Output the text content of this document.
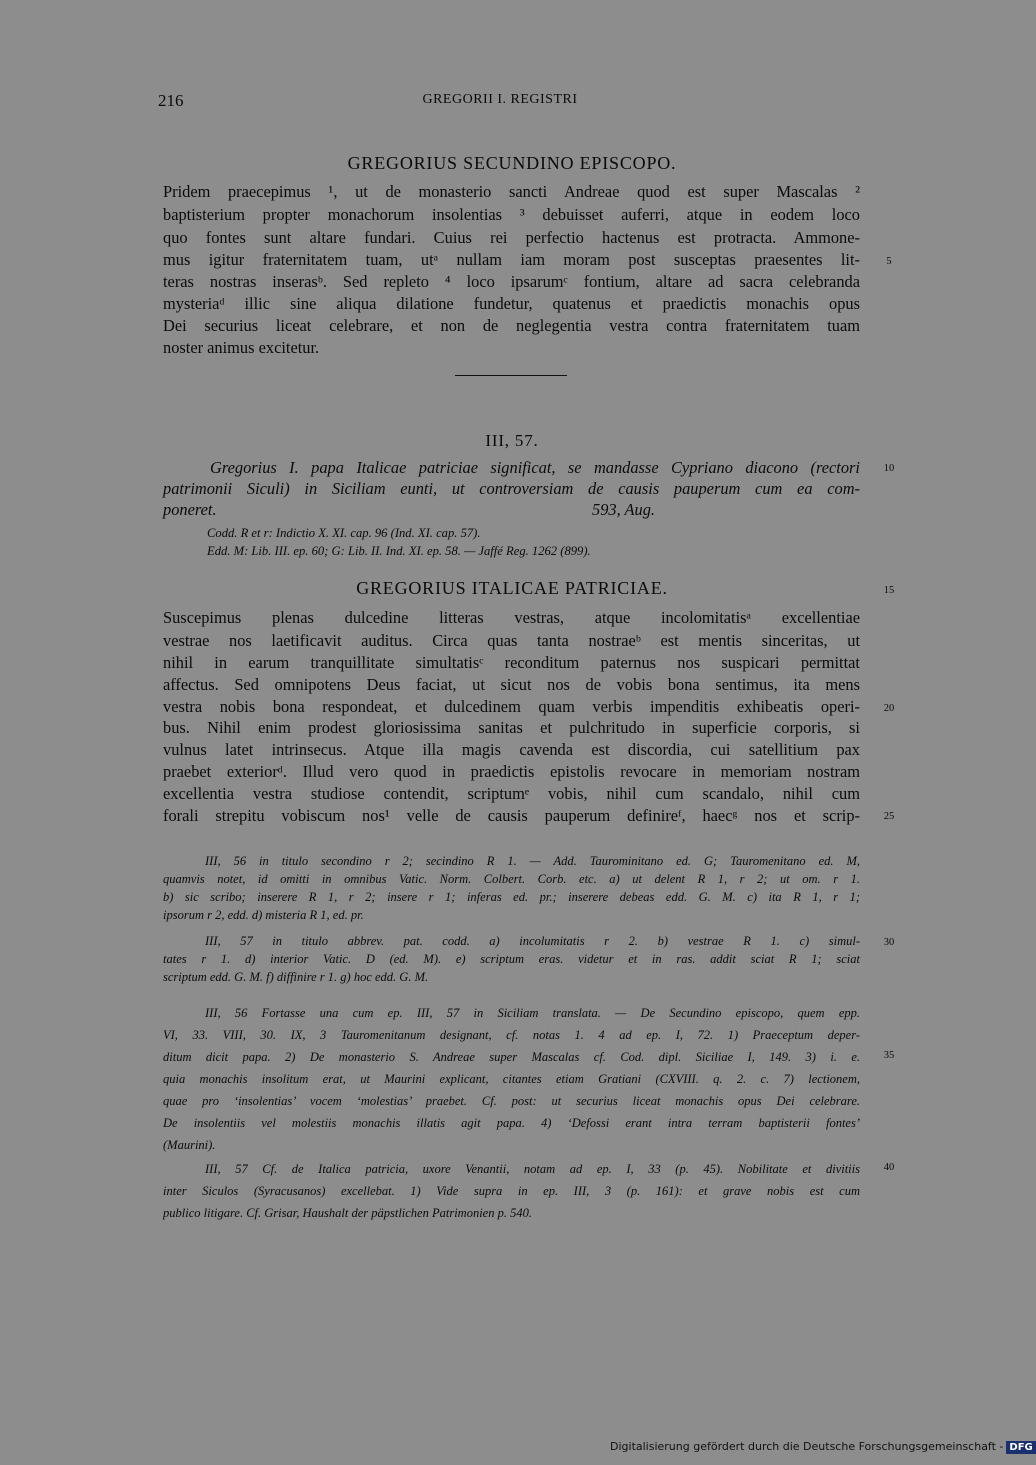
216	GREGORII I. REGISTRI
GREGORIUS SECUNDINO EPISCOPO.
Pridem praecepimus ¹, ut de monasterio sancti Andreae quod est super Mascalas ²
baptisterium propter monachorum insolentias ³ debuisset auferri, atque in eodem loco
quo fontes sunt altare fundari. Cuius rei perfectio hactenus est protracta. Ammone-
mus igitur fraternitatem tuam, utᵃ nullam iam moram post susceptas praesentes lit-
teras nostras inserasᵇ. Sed repleto ⁴ loco ipsarumᶜ fontium, altare ad sacra celebranda
mysteriaᵈ illic sine aliqua dilatione fundetur, quatenus et praedictis monachis opus
Dei securius liceat celebrare, et non de neglegentia vestra contra fraternitatem tuam
noster animus excitetur.
III, 57.
Gregorius I. papa Italicae patriciae significat, se mandasse Cypriano diacono (rectori
patrimonii Siculi) in Siciliam eunti, ut controversiam de causis pauperum cum ea com-
poneret.	593, Aug.
Codd. R et r: Indictio X. XI. cap. 96 (Ind. XI. cap. 57).
Edd. M: Lib. III. ep. 60; G: Lib. II. Ind. XI. ep. 58. — Jaffé Reg. 1262 (899).
GREGORIUS ITALICAE PATRICIAE.
Suscepimus plenas dulcedine litteras vestras, atque incolomitatisᵃ excellentiae
vestrae nos laetificavit auditus. Circa quas tanta nostraeᵇ est mentis sinceritas, ut
nihil in earum tranquillitate simultatisᶜ reconditum paternus nos suspicari permittat
affectus. Sed omnipotens Deus faciat, ut sicut nos de vobis bona sentimus, ita mens
vestra nobis bona respondeat, et dulcedinem quam verbis impenditis exhibeatis operi-
bus. Nihil enim prodest gloriosissima sanitas et pulchritudo in superficie corporis, si
vulnus latet intrinsecus. Atque illa magis cavenda est discordia, cui satellitium pax
praebet exteriorᵈ. Illud vero quod in praedictis epistolis revocare in memoriam nostram
excellentia vestra studiose contendit, scriptumᵉ vobis, nihil cum scandalo, nihil cum
forali strepitu vobiscum nos¹ velle de causis pauperum definireᶠ, haecᵍ nos et scrip-
5
10
15
20
25
30
35
40
III, 56 in titulo secondino r 2; secindino R 1. — Add. Taurominitano ed. G; Tauromenitano ed. M,
quamvis notet, id omitti in omnibus Vatic. Norm. Colbert. Corb. etc. a) ut delent R 1, r 2; ut om. r 1.
b) sic scribo; inserere R 1, r 2; insere r 1; inferas ed. pr.; inserere debeas edd. G. M. c) ita R 1, r 1;
ipsorum r 2, edd. d) misteria R 1, ed. pr.
III, 57 in titulo abbrev. pat. codd. a) incolumitatis r 2. b) vestrae R 1. c) simul-
tates r 1. d) interior Vatic. D (ed. M). e) scriptum eras. videtur et in ras. addit sciat R 1; sciat
scriptum edd. G. M. f) diffinire r 1. g) hoc edd. G. M.
III, 56 Fortasse una cum ep. III, 57 in Siciliam translata. — De Secundino episcopo, quem epp.
VI, 33. VIII, 30. IX, 3 Tauromenitanum designant, cf. notas 1. 4 ad ep. I, 72. 1) Praeceptum deper-
ditum dicit papa. 2) De monasterio S. Andreae super Mascalas cf. Cod. dipl. Siciliae I, 149. 3) i. e.
quia monachis insolitum erat, ut Maurini explicant, citantes etiam Gratiani (CXVIII. q. 2. c. 7) lectionem,
quae pro ‘insolentias’ vocem ‘molestias’ praebet. Cf. post: ut securius liceat monachis opus Dei celebrare.
De insolentiis vel molestiis monachis illatis agit papa. 4) ‘Defossi erant intra terram baptisterii fontes’
(Maurini).
III, 57 Cf. de Italica patricia, uxore Venantii, notam ad ep. I, 33 (p. 45). Nobilitate et divitiis
inter Siculos (Syracusanos) excellebat. 1) Vide supra in ep. III, 3 (p. 161): et grave nobis est cum
publico litigare. Cf. Grisar, Haushalt der päpstlichen Patrimonien p. 540.
Digitalisierung gefördert durch die Deutsche Forschungsgemeinschaft - DFG
